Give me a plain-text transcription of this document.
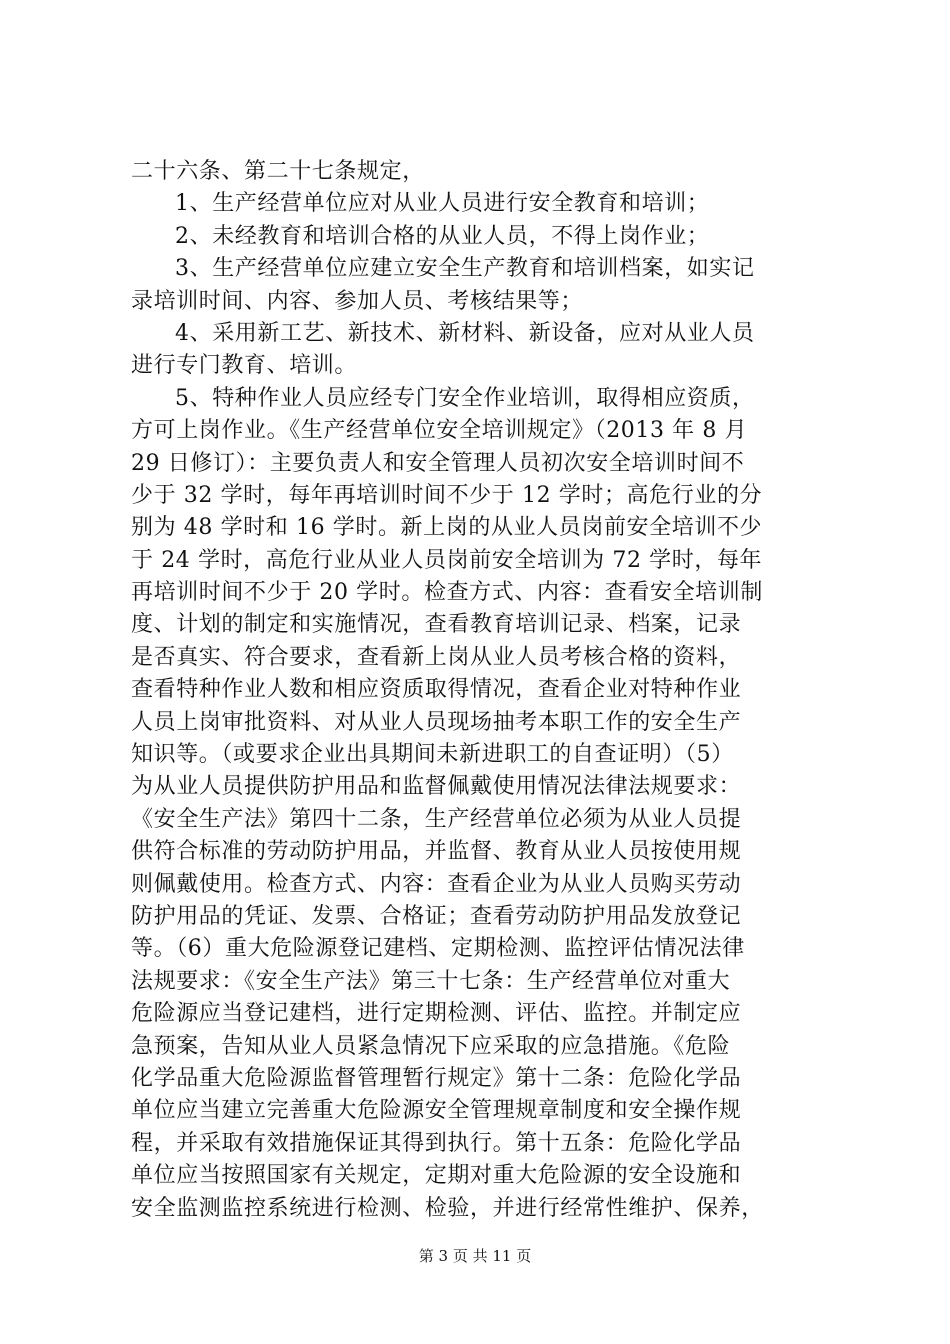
二十六条、第二十七条规定，
1、生产经营单位应对从业人员进行安全教育和培训；
2、未经教育和培训合格的从业人员，不得上岗作业；
3、生产经营单位应建立安全生产教育和培训档案，如实记
录培训时间、内容、参加人员、考核结果等；
4、采用新工艺、新技术、新材料、新设备，应对从业人员
进行专门教育、培训。
5、特种作业人员应经专门安全作业培训，取得相应资质，
方可上岗作业。《生产经营单位安全培训规定》（2013 年 8 月
29 日修订）：主要负责人和安全管理人员初次安全培训时间不
少于 32 学时，每年再培训时间不少于 12 学时；高危行业的分
别为 48 学时和 16 学时。新上岗的从业人员岗前安全培训不少
于 24 学时，高危行业从业人员岗前安全培训为 72 学时，每年
再培训时间不少于 20 学时。检查方式、内容：查看安全培训制
度、计划的制定和实施情况，查看教育培训记录、档案，记录
是否真实、符合要求，查看新上岗从业人员考核合格的资料，
查看特种作业人数和相应资质取得情况，查看企业对特种作业
人员上岗审批资料、对从业人员现场抽考本职工作的安全生产
知识等。（或要求企业出具期间未新进职工的自查证明）（5）
为从业人员提供防护用品和监督佩戴使用情况法律法规要求：
《安全生产法》第四十二条，生产经营单位必须为从业人员提
供符合标准的劳动防护用品，并监督、教育从业人员按使用规
则佩戴使用。检查方式、内容：查看企业为从业人员购买劳动
防护用品的凭证、发票、合格证；查看劳动防护用品发放登记
等。（6）重大危险源登记建档、定期检测、监控评估情况法律
法规要求：《安全生产法》第三十七条：生产经营单位对重大
危险源应当登记建档，进行定期检测、评估、监控。并制定应
急预案，告知从业人员紧急情况下应采取的应急措施。《危险
化学品重大危险源监督管理暂行规定》第十二条：危险化学品
单位应当建立完善重大危险源安全管理规章制度和安全操作规
程，并采取有效措施保证其得到执行。第十五条：危险化学品
单位应当按照国家有关规定，定期对重大危险源的安全设施和
安全监测监控系统进行检测、检验，并进行经常性维护、保养，
第 3 页 共 11 页
